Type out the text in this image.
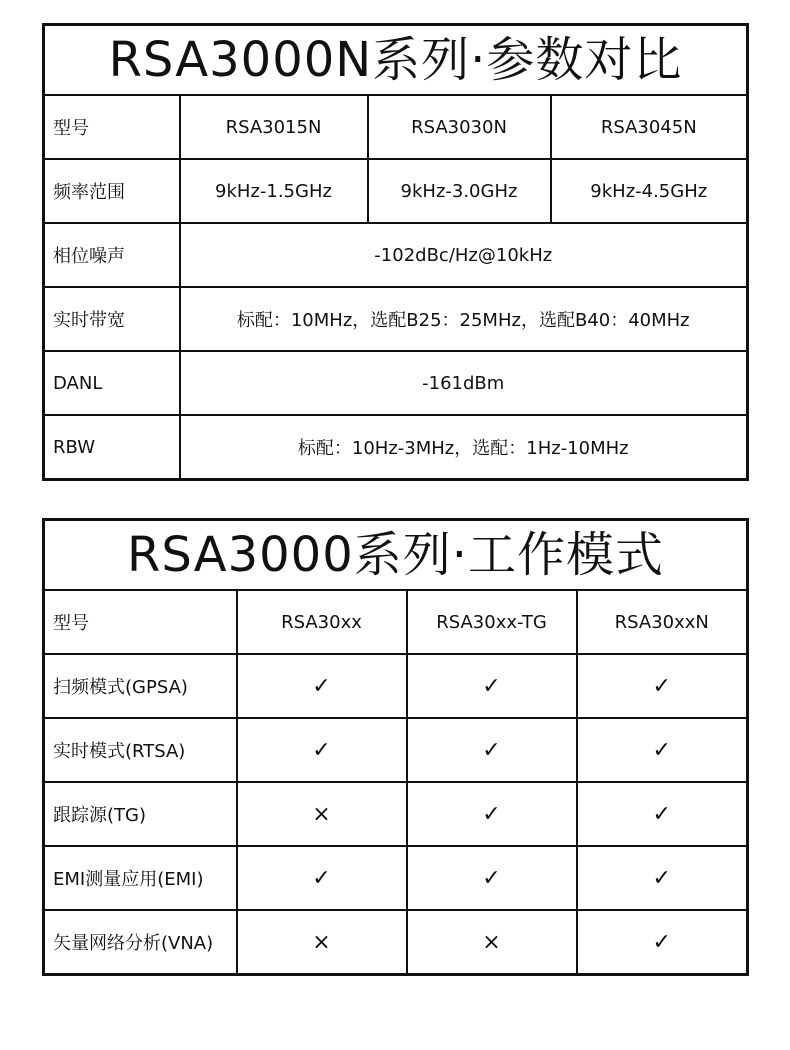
RSA3000N系列·参数对比			
型号	RSA3015N	RSA3030N	RSA3045N
频率范围	9kHz-1.5GHz	9kHz-3.0GHz	9kHz-4.5GHz
相位噪声	-102dBc/Hz@10kHz		
实时带宽	标配：10MHz，选配B25：25MHz，选配B40：40MHz		
DANL	-161dBm		
RBW	标配：10Hz-3MHz，选配：1Hz-10MHz		
RSA3000系列·工作模式			
型号	RSA30xx	RSA30xx-TG	RSA30xxN
扫频模式(GPSA)	✓	✓	✓
实时模式(RTSA)	✓	✓	✓
跟踪源(TG)	×	✓	✓
EMI测量应用(EMI)	✓	✓	✓
矢量网络分析(VNA)	×	×	✓
